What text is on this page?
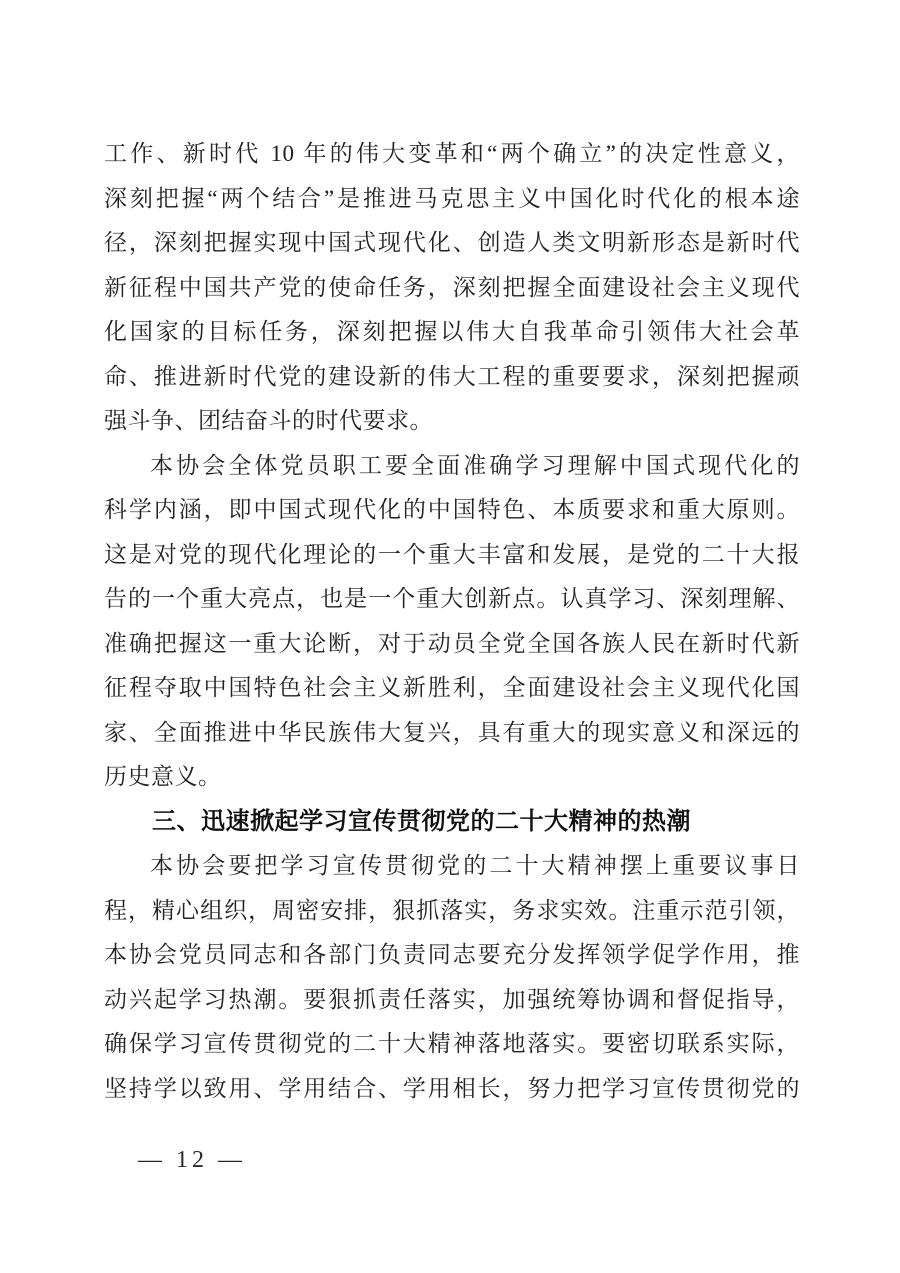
工作、新时代 10 年的伟大变革和“两个确立”的决定性意义，
深刻把握“两个结合”是推进马克思主义中国化时代化的根本途
径，深刻把握实现中国式现代化、创造人类文明新形态是新时代
新征程中国共产党的使命任务，深刻把握全面建设社会主义现代
化国家的目标任务，深刻把握以伟大自我革命引领伟大社会革
命、推进新时代党的建设新的伟大工程的重要要求，深刻把握顽
强斗争、团结奋斗的时代要求。
本协会全体党员职工要全面准确学习理解中国式现代化的
科学内涵，即中国式现代化的中国特色、本质要求和重大原则。
这是对党的现代化理论的一个重大丰富和发展，是党的二十大报
告的一个重大亮点，也是一个重大创新点。认真学习、深刻理解、
准确把握这一重大论断，对于动员全党全国各族人民在新时代新
征程夺取中国特色社会主义新胜利，全面建设社会主义现代化国
家、全面推进中华民族伟大复兴，具有重大的现实意义和深远的
历史意义。
三、迅速掀起学习宣传贯彻党的二十大精神的热潮
本协会要把学习宣传贯彻党的二十大精神摆上重要议事日
程，精心组织，周密安排，狠抓落实，务求实效。注重示范引领，
本协会党员同志和各部门负责同志要充分发挥领学促学作用，推
动兴起学习热潮。要狠抓责任落实，加强统筹协调和督促指导，
确保学习宣传贯彻党的二十大精神落地落实。要密切联系实际，
坚持学以致用、学用结合、学用相长，努力把学习宣传贯彻党的
— 12 —
